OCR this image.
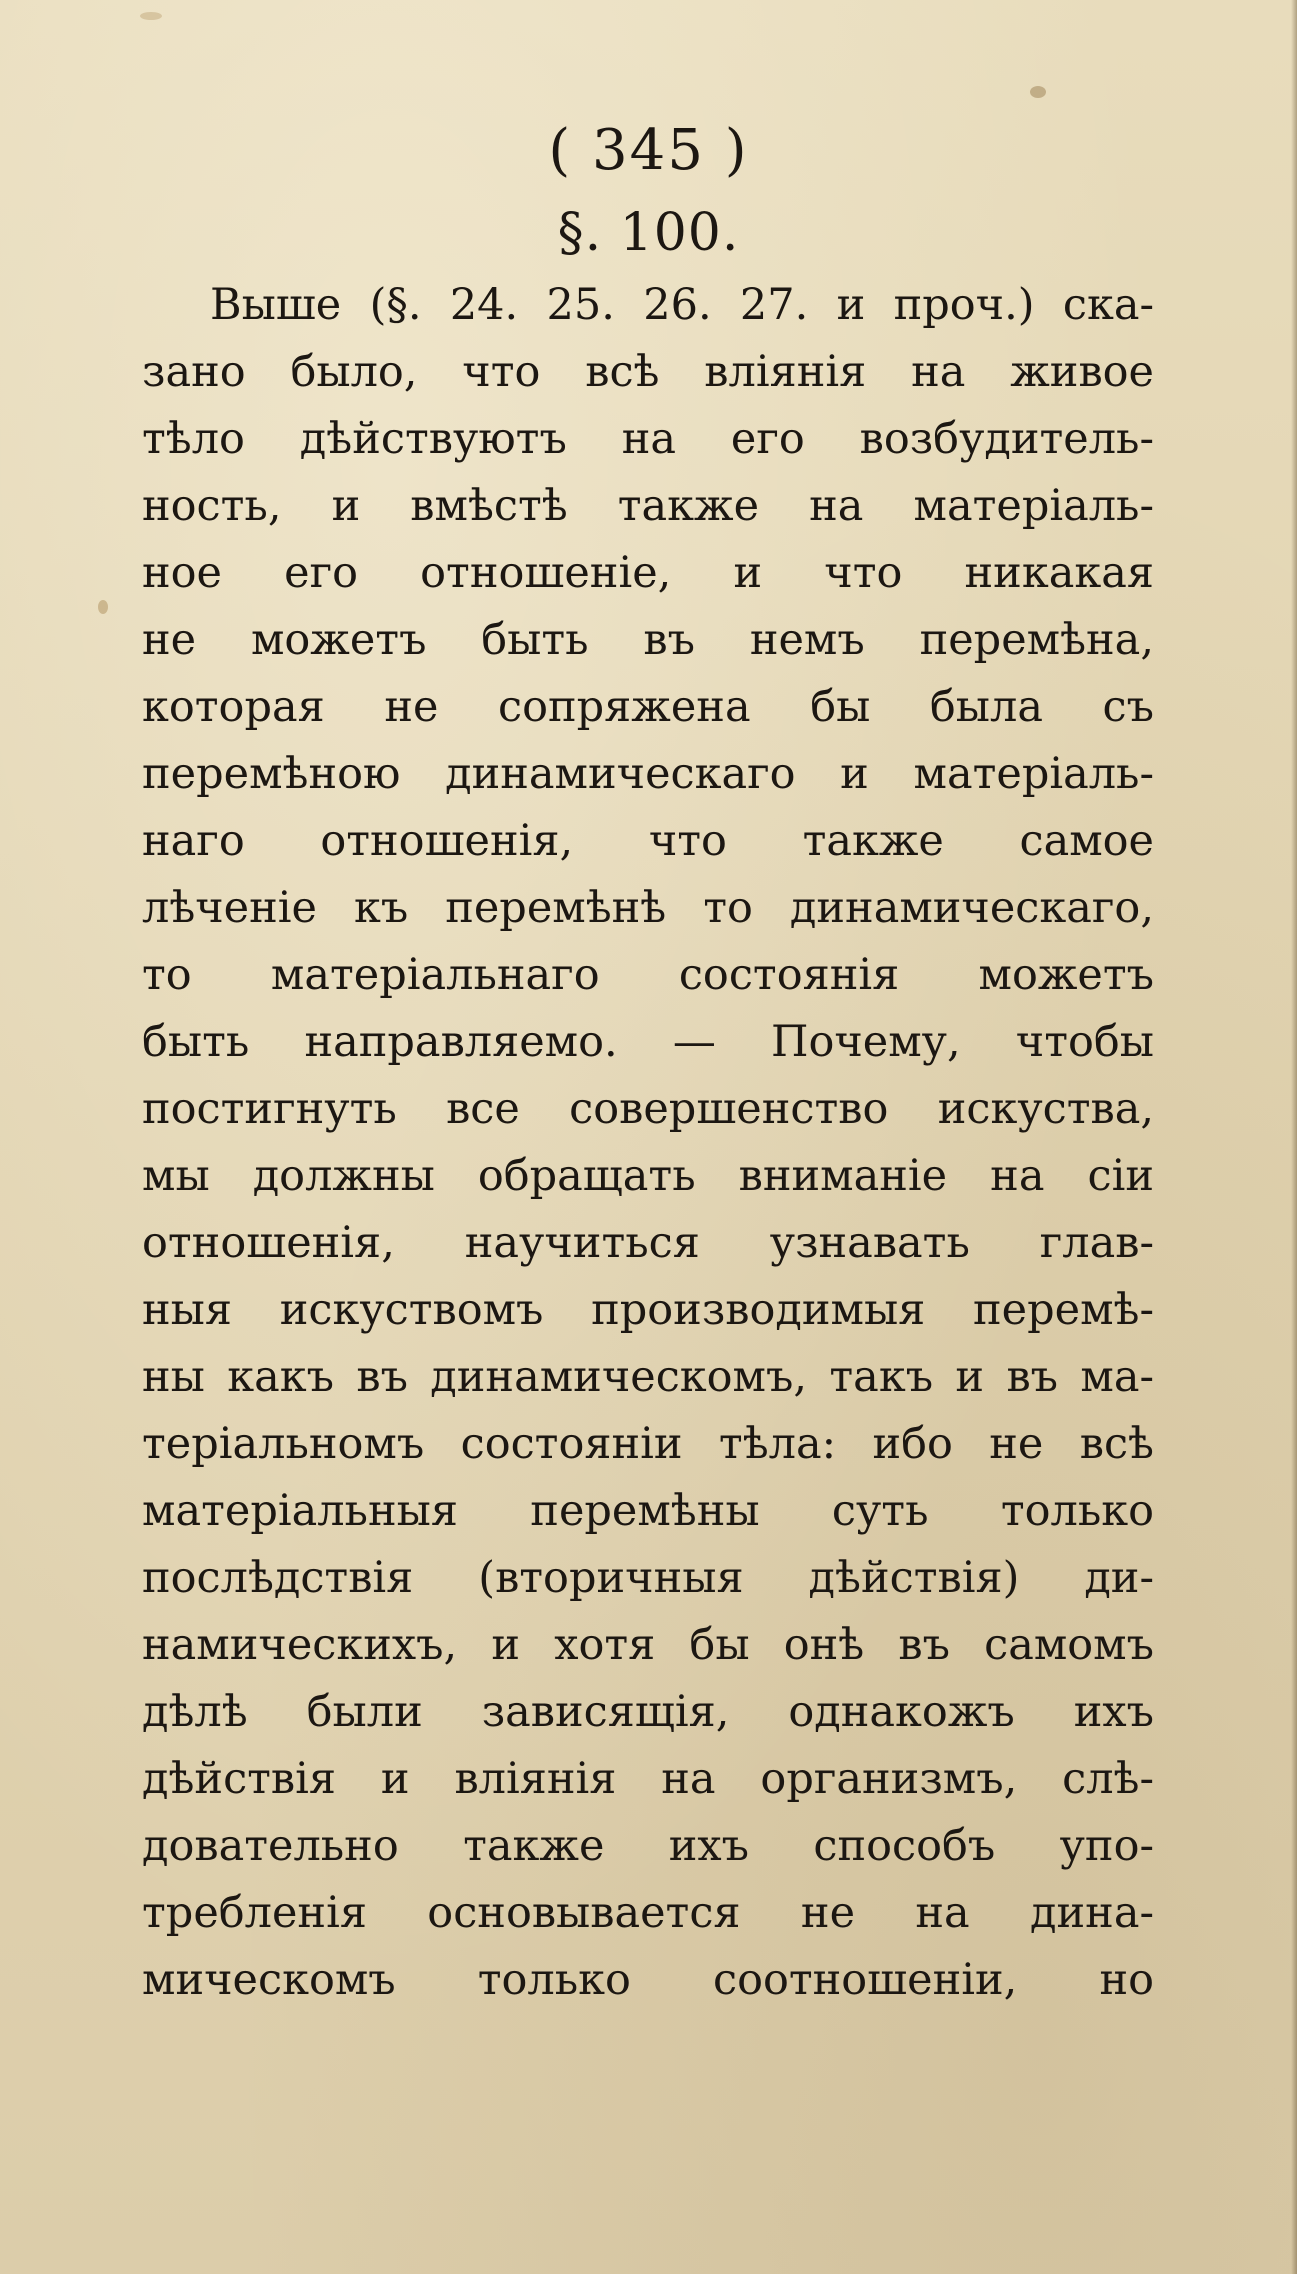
( 345 )
§. 100.
Выше (§. 24. 25. 26. 27. и проч.) ска-
зано было, что всѣ влiянiя на живое
тѣло дѣйствуютъ на его возбудитель-
ность, и вмѣстѣ также на матерiаль-
ное его отношенiе, и что никакая
не можетъ быть въ немъ перемѣна,
которая не сопряжена бы была съ
перемѣною динамическаго и матерiаль-
наго отношенiя, что также самое
лѣченiе къ перемѣнѣ то динамическаго,
то матерiальнаго состоянiя можетъ
быть направляемо. — Почему, чтобы
постигнуть все совершенство искуства,
мы должны обращать вниманiе на сiи
отношенiя, научиться узнавать глав-
ныя искуствомъ производимыя перемѣ-
ны какъ въ динамическомъ, такъ и въ ма-
терiальномъ состоянiи тѣла: ибо не всѣ
матерiальныя перемѣны суть только
послѣдствiя (вторичныя дѣйствiя) ди-
намическихъ, и хотя бы онѣ въ самомъ
дѣлѣ были зависящiя, однакожъ ихъ
дѣйствiя и влiянiя на организмъ, слѣ-
довательно также ихъ способъ упо-
требленiя основывается не на дина-
мическомъ только соотношенiи, но
